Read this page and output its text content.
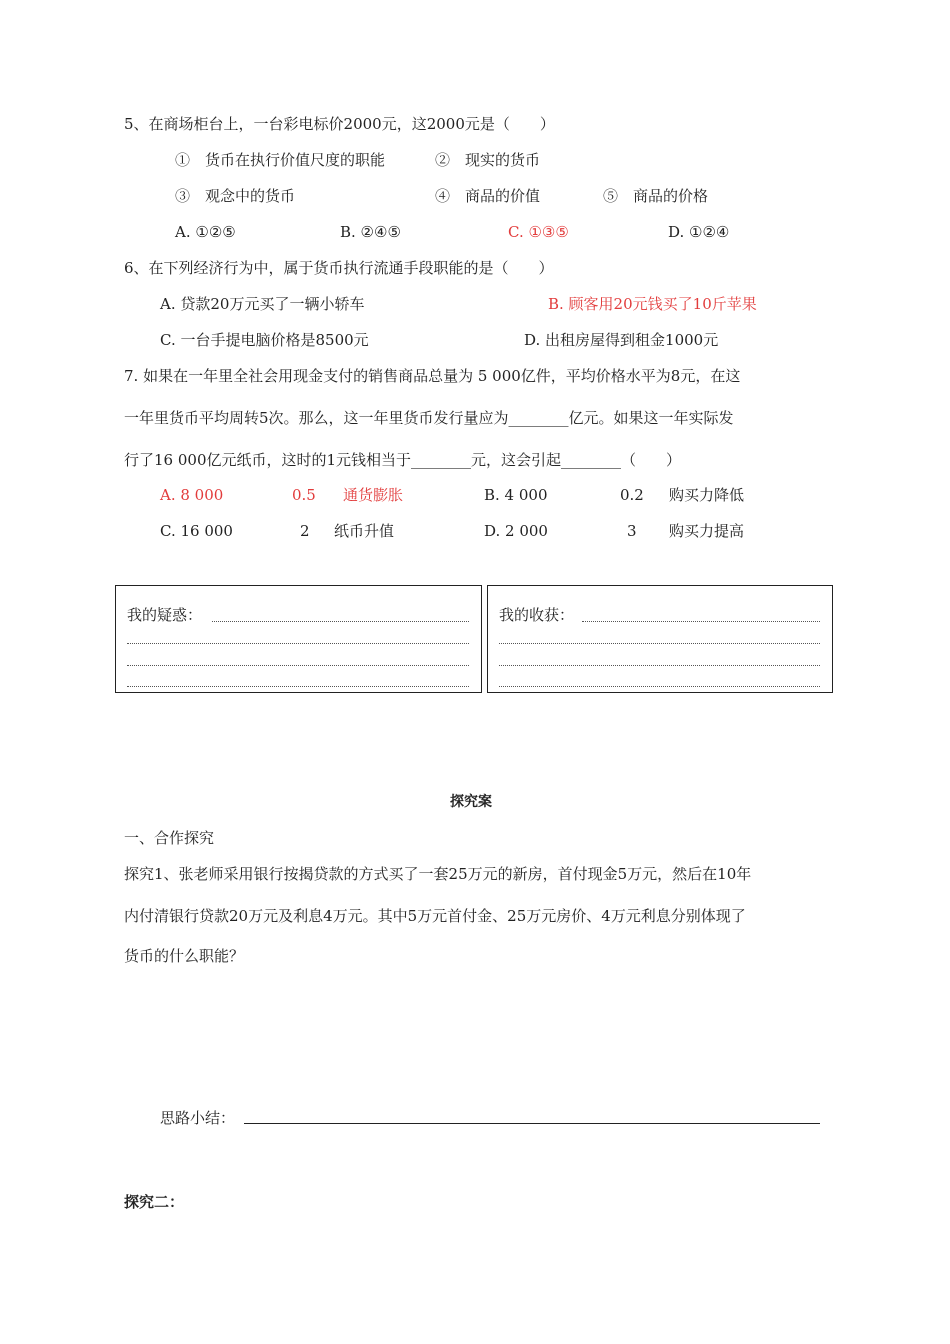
5、在商场柜台上，一台彩电标价2000元，这2000元是（　　）
①　货币在执行价值尺度的职能	②　现实的货币
③　观念中的货币	④　商品的价值	⑤　商品的价格
A. ①②⑤	B. ②④⑤	C. ①③⑤	D. ①②④
6、在下列经济行为中，属于货币执行流通手段职能的是（　　）
A. 贷款20万元买了一辆小轿车	B. 顾客用20元钱买了10斤苹果
C. 一台手提电脑价格是8500元	D. 出租房屋得到租金1000元
7. 如果在一年里全社会用现金支付的销售商品总量为 5 000亿件，平均价格水平为8元，在这
一年里货币平均周转5次。那么，这一年里货币发行量应为________亿元。如果这一年实际发
行了16 000亿元纸币，这时的1元钱相当于________元，这会引起________（　　）
A. 8 000	0.5 通货膨胀	B. 4 000	0.2 购买力降低
C. 16 000	2 纸币升值	D. 2 000	3 购买力提高
我的疑惑：	我的收获：
探究案
一、合作探究
探究1、张老师采用银行按揭贷款的方式买了一套25万元的新房，首付现金5万元，然后在10年
内付清银行贷款20万元及利息4万元。其中5万元首付金、25万元房价、4万元利息分别体现了
货币的什么职能？
思路小结：
探究二：
